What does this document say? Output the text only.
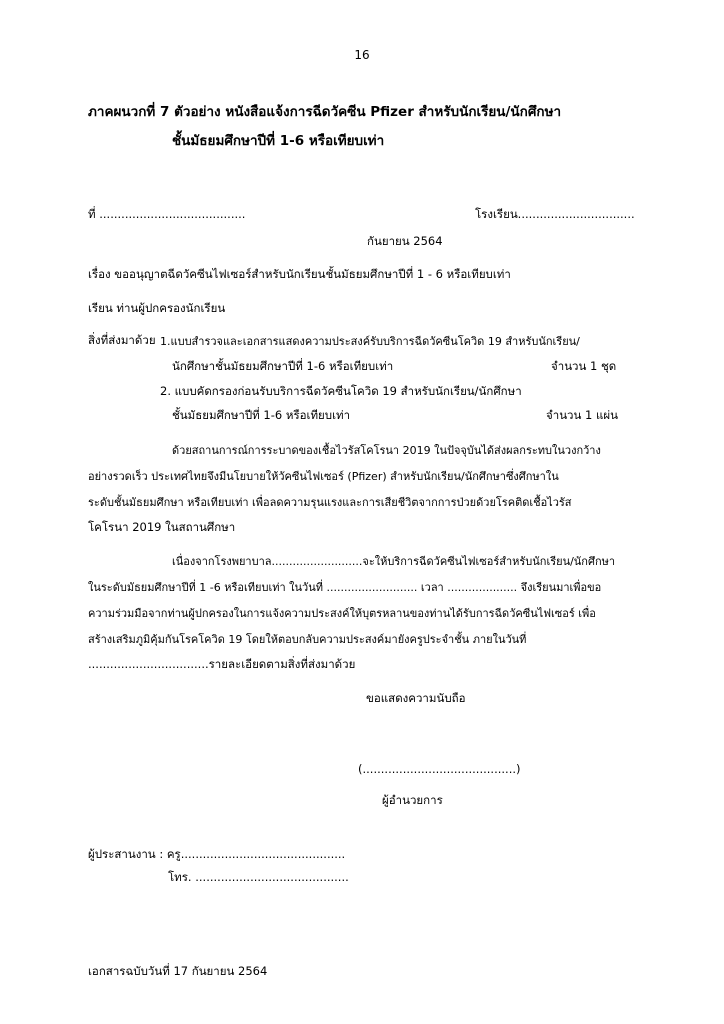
16
ภาคผนวกที่ 7 ตัวอย่าง หนังสือแจ้งการฉีดวัคซีน Pfizer สำหรับนักเรียน/นักศึกษา
ชั้นมัธยมศึกษาปีที่ 1-6 หรือเทียบเท่า
ที่ ........................................	โรงเรียน................................
กันยายน 2564
เรื่อง ขออนุญาตฉีดวัคซีนไฟเซอร์สำหรับนักเรียนชั้นมัธยมศึกษาปีที่ 1 - 6 หรือเทียบเท่า
เรียน ท่านผู้ปกครองนักเรียน
สิ่งที่ส่งมาด้วย 1.แบบสำรวจและเอกสารแสดงความประสงค์รับบริการฉีดวัคซีนโควิด 19 สำหรับนักเรียน/
นักศึกษาชั้นมัธยมศึกษาปีที่ 1-6 หรือเทียบเท่า	จำนวน 1 ชุด
2. แบบคัดกรองก่อนรับบริการฉีดวัคซีนโควิด 19 สำหรับนักเรียน/นักศึกษา
ชั้นมัธยมศึกษาปีที่ 1-6 หรือเทียบเท่า	จำนวน 1 แผ่น
ด้วยสถานการณ์การระบาดของเชื้อไวรัสโคโรนา 2019 ในปัจจุบันได้ส่งผลกระทบในวงกว้าง
อย่างรวดเร็ว ประเทศไทยจึงมีนโยบายให้วัคซีนไฟเซอร์ (Pfizer) สำหรับนักเรียน/นักศึกษาซึ่งศึกษาใน
ระดับชั้นมัธยมศึกษา หรือเทียบเท่า เพื่อลดความรุนแรงและการเสียชีวิตจากการป่วยด้วยโรคติดเชื้อไวรัส
โคโรนา 2019 ในสถานศึกษา
เนื่องจากโรงพยาบาล..........................จะให้บริการฉีดวัคซีนไฟเซอร์สำหรับนักเรียน/นักศึกษา
ในระดับมัธยมศึกษาปีที่ 1 -6 หรือเทียบเท่า ในวันที่ .......................... เวลา .................... จึงเรียนมาเพื่อขอ
ความร่วมมือจากท่านผู้ปกครองในการแจ้งความประสงค์ให้บุตรหลานของท่านได้รับการฉีดวัคซีนไฟเซอร์ เพื่อ
สร้างเสริมภูมิคุ้มกันโรคโควิด 19 โดยให้ตอบกลับความประสงค์มายังครูประจำชั้น ภายในวันที่
.................................รายละเอียดตามสิ่งที่ส่งมาด้วย
ขอแสดงความนับถือ
(..........................................)
ผู้อำนวยการ
ผู้ประสานงาน : ครู.............................................
โทร. ..........................................
เอกสารฉบับวันที่ 17 กันยายน 2564
